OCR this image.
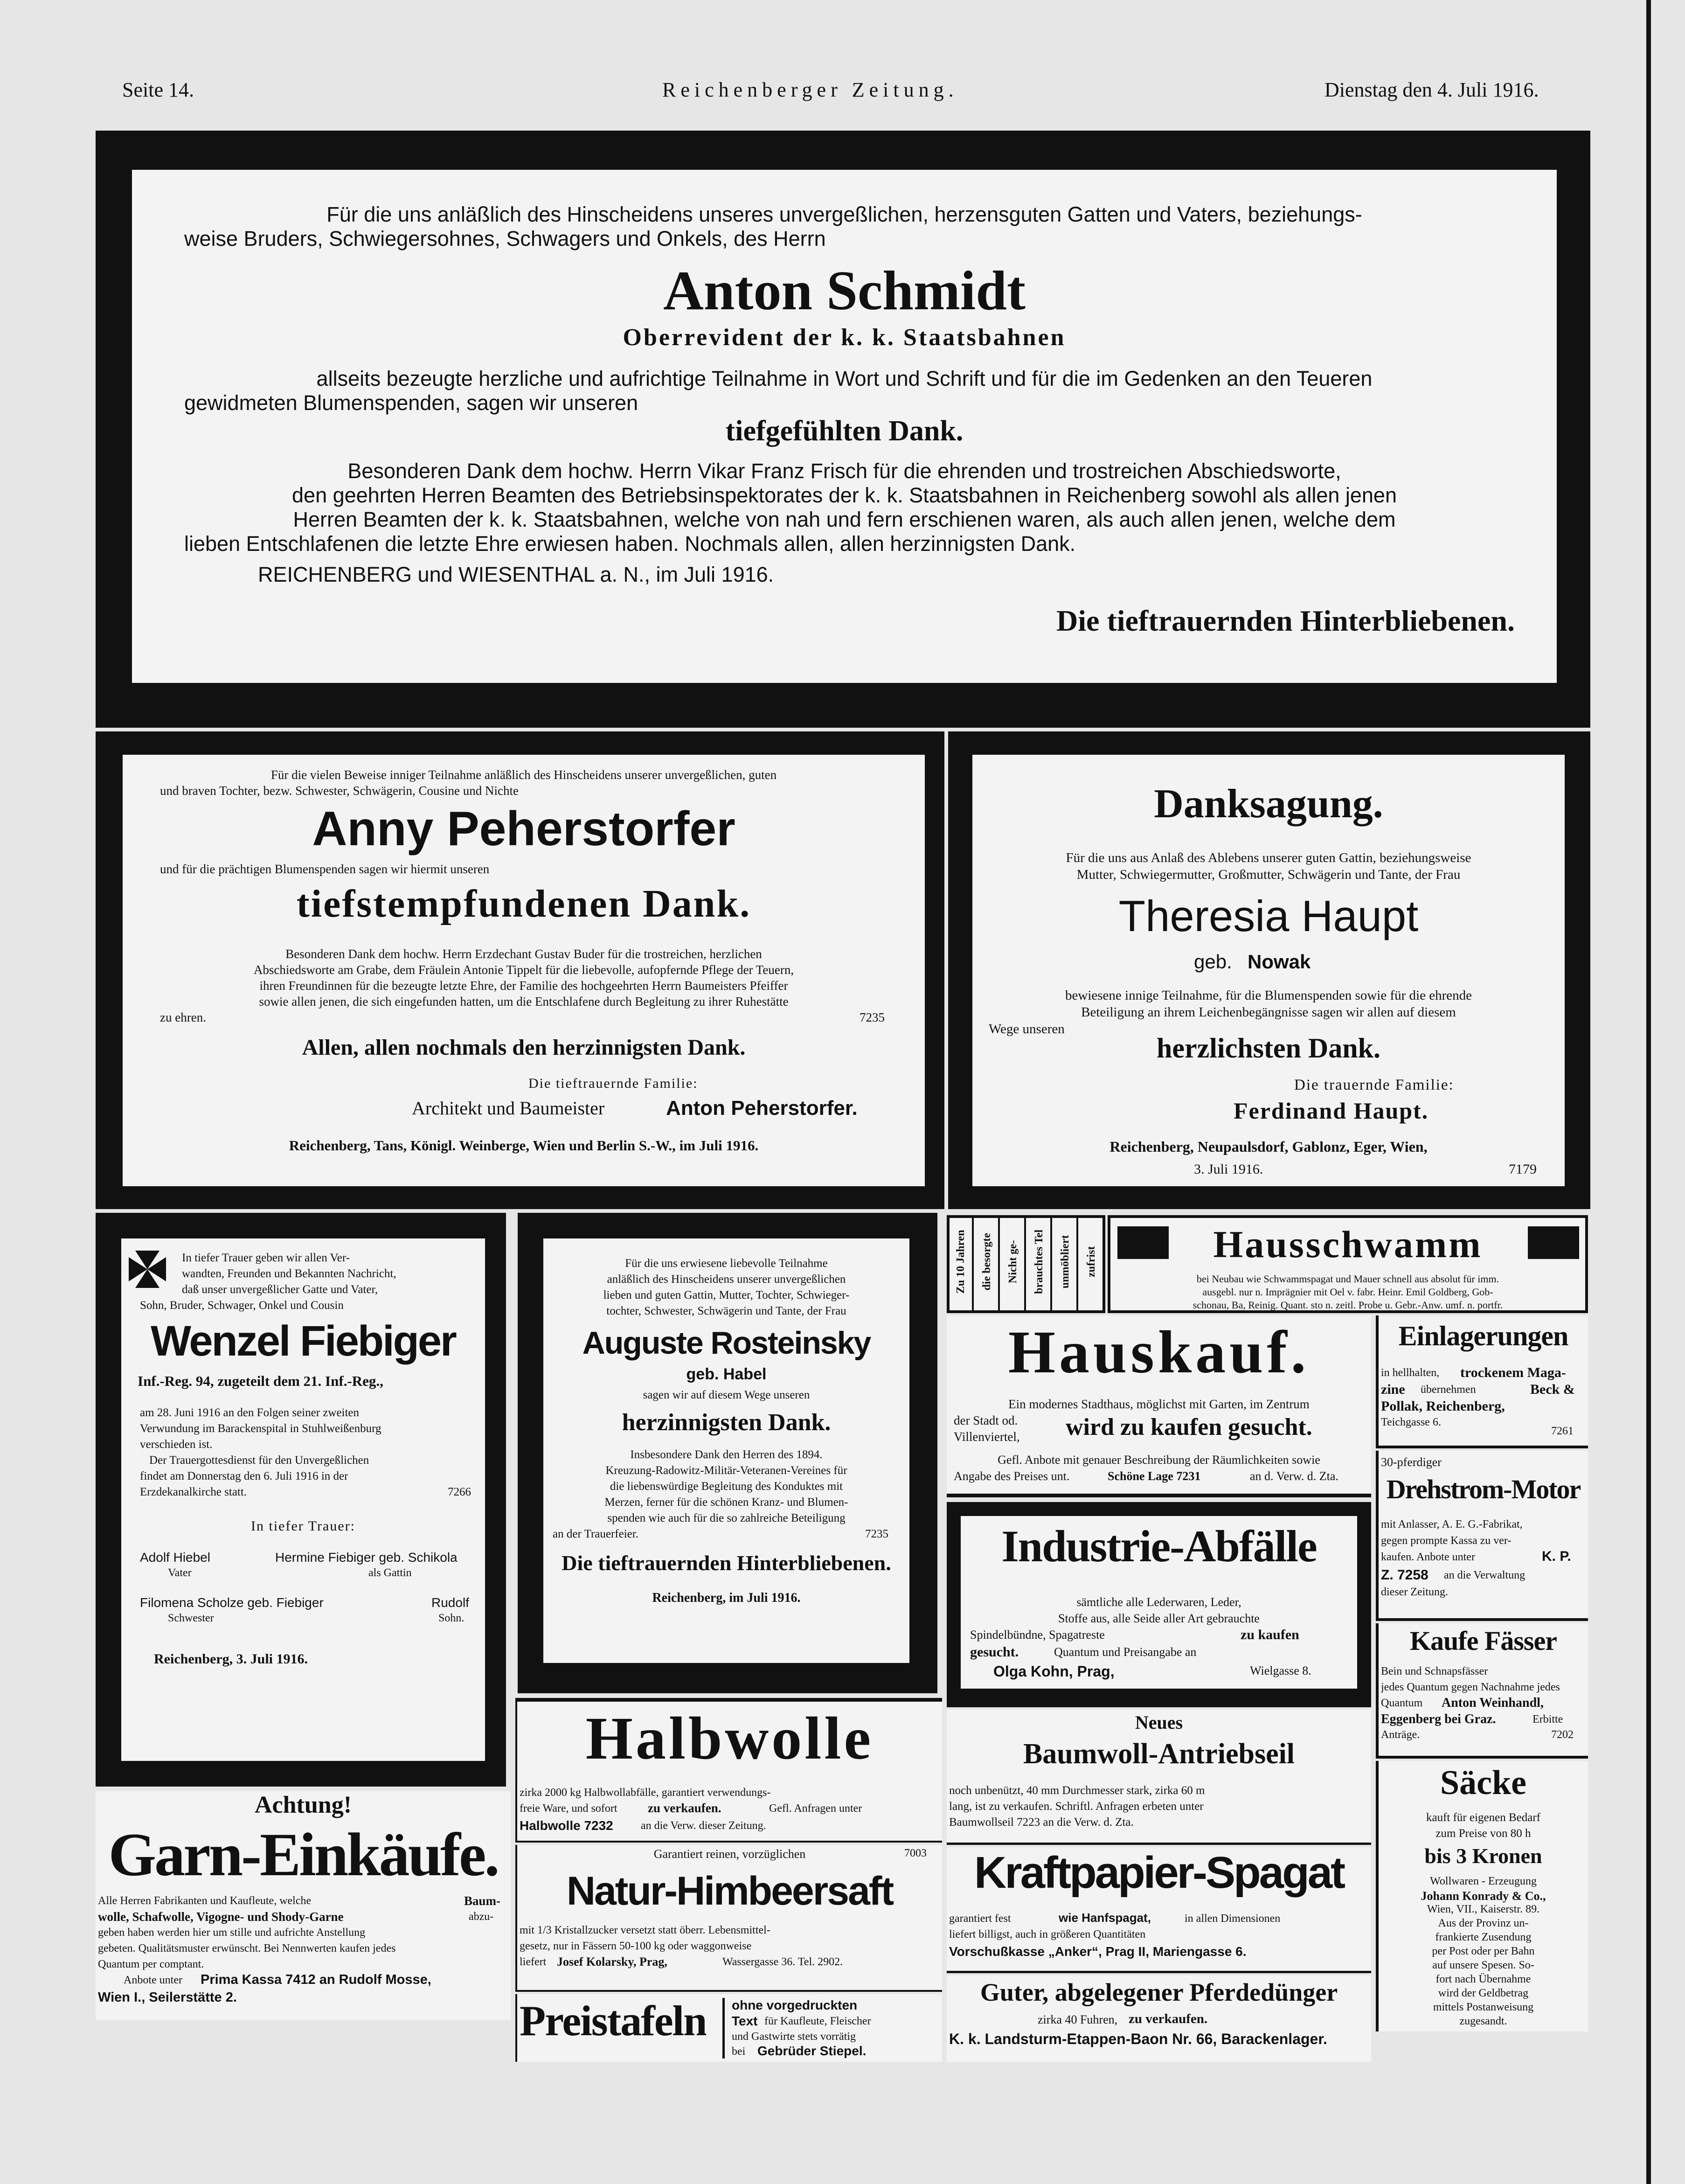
Seite 14.	Reichenberger Zeitung.	Dienstag den 4. Juli 1916.
Für die uns anläßlich des Hinscheidens unseres unvergeßlichen, herzensguten Gatten und Vaters, beziehungs-
weise Bruders, Schwiegersohnes, Schwagers und Onkels, des Herrn
Anton Schmidt
Oberrevident der k. k. Staatsbahnen
allseits bezeugte herzliche und aufrichtige Teilnahme in Wort und Schrift und für die im Gedenken an den Teueren
gewidmeten Blumenspenden, sagen wir unseren
tiefgefühlten Dank.
Besonderen Dank dem hochw. Herrn Vikar Franz Frisch für die ehrenden und trostreichen Abschiedsworte,
den geehrten Herren Beamten des Betriebsinspektorates der k. k. Staatsbahnen in Reichenberg sowohl als allen jenen
Herren Beamten der k. k. Staatsbahnen, welche von nah und fern erschienen waren, als auch allen jenen, welche dem
lieben Entschlafenen die letzte Ehre erwiesen haben. Nochmals allen, allen herzinnigsten Dank.
REICHENBERG und WIESENTHAL a. N., im Juli 1916.
Die tieftrauernden Hinterbliebenen.
Für die vielen Beweise inniger Teilnahme anläßlich des Hinscheidens unserer unvergeßlichen, guten
und braven Tochter, bezw. Schwester, Schwägerin, Cousine und Nichte
Anny Peherstorfer
und für die prächtigen Blumenspenden sagen wir hiermit unseren
tiefstempfundenen Dank.
Besonderen Dank dem hochw. Herrn Erzdechant Gustav Buder für die trostreichen, herzlichen
Abschiedsworte am Grabe, dem Fräulein Antonie Tippelt für die liebevolle, aufopfernde Pflege der Teuern,
ihren Freundinnen für die bezeugte letzte Ehre, der Familie des hochgeehrten Herrn Baumeisters Pfeiffer
sowie allen jenen, die sich eingefunden hatten, um die Entschlafene durch Begleitung zu ihrer Ruhestätte
zu ehren.	7235
Allen, allen nochmals den herzinnigsten Dank.
Die tieftrauernde Familie:
Architekt und Baumeister	Anton Peherstorfer.
Reichenberg, Tans, Königl. Weinberge, Wien und Berlin S.-W., im Juli 1916.
Danksagung.
Für die uns aus Anlaß des Ablebens unserer guten Gattin, beziehungsweise
Mutter, Schwiegermutter, Großmutter, Schwägerin und Tante, der Frau
Theresia Haupt
geb. Nowak
bewiesene innige Teilnahme, für die Blumenspenden sowie für die ehrende
Beteiligung an ihrem Leichenbegängnisse sagen wir allen auf diesem
Wege unseren
herzlichsten Dank.
Die trauernde Familie:
Ferdinand Haupt.
Reichenberg, Neupaulsdorf, Gablonz, Eger, Wien,
3. Juli 1916.	7179
In tiefer Trauer geben wir allen Ver-
wandten, Freunden und Bekannten Nachricht,
daß unser unvergeßlicher Gatte und Vater,
Sohn, Bruder, Schwager, Onkel und Cousin
Wenzel Fiebiger
Inf.-Reg. 94, zugeteilt dem 21. Inf.-Reg.,
am 28. Juni 1916 an den Folgen seiner zweiten
Verwundung im Barackenspital in Stuhlweißenburg
verschieden ist.
Der Trauergottesdienst für den Unvergeßlichen
findet am Donnerstag den 6. Juli 1916 in der
Erzdekanalkirche statt.	7266
In tiefer Trauer:
Adolf Hiebel
Vater
Hermine Fiebiger geb. Schikola
als Gattin
Filomena Scholze geb. Fiebiger
Schwester
Rudolf
Sohn.
Reichenberg, 3. Juli 1916.
Für die uns erwiesene liebevolle Teilnahme
anläßlich des Hinscheidens unserer unvergeßlichen
lieben und guten Gattin, Mutter, Tochter, Schwieger-
tochter, Schwester, Schwägerin und Tante, der Frau
Auguste Rosteinsky
geb. Habel
sagen wir auf diesem Wege unseren
herzinnigsten Dank.
Insbesondere Dank den Herren des 1894.
Kreuzung-Radowitz-Militär-Veteranen-Vereines für
die liebenswürdige Begleitung des Konduktes mit
Merzen, ferner für die schönen Kranz- und Blumen-
spenden wie auch für die so zahlreiche Beteiligung
an der Trauerfeier.	7235
Die tieftrauernden Hinterbliebenen.
Reichenberg, im Juli 1916.
Zu 10 Jahren die besorgte Nicht ge- brauchtes Tel unmöbliert zufrist	Hausschwamm
bei Neubau wie Schwammspagat und Mauer schnell aus absolut für imm.
ausgebl. nur n. Imprägnier mit Oel v. fabr. Heinr. Emil Goldberg, Gob-
schonau, Ba, Reinig. Quant. sto n. zeitl. Probe u. Gebr.-Anw. umf. n. portfr.
Hauskauf.
Ein modernes Stadthaus, möglichst mit Garten, im Zentrum
der Stadt od.
Villenviertel, wird zu kaufen gesucht.
Gefl. Anbote mit genauer Beschreibung der Räumlichkeiten sowie
Angabe des Preises unt.	Schöne Lage 7231	an d. Verw. d. Zta.
Industrie-Abfälle
sämtliche alle Lederwaren, Leder,
Stoffe aus, alle Seide aller Art gebrauchte
Spindelbündne, Spagatreste	zu kaufen
gesucht.	Quantum und Preisangabe an
Olga Kohn, Prag,	Wielgasse 8.
Einlagerungen
in hellhalten, trockenem Maga-
zine übernehmen	Beck &
Pollak, Reichenberg,
Teichgasse 6.
7261
30-pferdiger
Drehstrom-Motor
mit Anlasser, A. E. G.-Fabrikat,
gegen prompte Kassa zu ver-
kaufen. Anbote unter	K. P.
Z. 7258 an die Verwaltung
dieser Zeitung.
Kaufe Fässer
Bein und Schnapsfässer
jedes Quantum gegen Nachnahme jedes
Quantum Anton Weinhandl,
Eggenberg bei Graz.	Erbitte
Anträge.	7202
Säcke
kauft für eigenen Bedarf
zum Preise von 80 h
bis 3 Kronen
Wollwaren - Erzeugung
Johann Konrady & Co.,
Wien, VII., Kaiserstr. 89.
Aus der Provinz un-
frankierte Zusendung
per Post oder per Bahn
auf unsere Spesen. So-
fort nach Übernahme
wird der Geldbetrag
mittels Postanweisung
zugesandt.
Achtung!
Garn-Einkäufe.
Alle Herren Fabrikanten und Kaufleute, welche	Baum-
wolle, Schafwolle, Vigogne- und Shody-Garne	abzu-
geben haben werden hier um stille und aufrichte Anstellung
gebeten. Qualitätsmuster erwünscht. Bei Nennwerten kaufen jedes
Quantum per comptant.
Anbote unter Prima Kassa 7412 an Rudolf Mosse,
Wien I., Seilerstätte 2.
Halbwolle
zirka 2000 kg Halbwollabfälle, garantiert verwendungs-
freie Ware, und sofort zu verkaufen.	Gefl. Anfragen unter
Halbwolle 7232 an die Verw. dieser Zeitung.
Garantiert reinen, vorzüglichen	7003
Natur-Himbeersaft
mit 1/3 Kristallzucker versetzt statt öberr. Lebensmittel-
gesetz, nur in Fässern 50-100 kg oder waggonweise
liefert Josef Kolarsky, Prag,	Wassergasse 36. Tel. 2902.
Preistafeln ohne vorgedruckten
Text für Kaufleute, Fleischer
und Gastwirte stets vorrätig
bei Gebrüder Stiepel.
Neues
Baumwoll-Antriebseil
noch unbenützt, 40 mm Durchmesser stark, zirka 60 m
lang, ist zu verkaufen. Schriftl. Anfragen erbeten unter
Baumwollseil 7223 an die Verw. d. Zta.
Kraftpapier-Spagat
garantiert fest	wie Hanfspagat,	in allen Dimensionen
liefert billigst, auch in größeren Quantitäten
Vorschußkasse „Anker“, Prag II, Mariengasse 6.
Guter, abgelegener Pferdedünger
zirka 40 Fuhren, zu verkaufen.
K. k. Landsturm-Etappen-Baon Nr. 66, Barackenlager.
